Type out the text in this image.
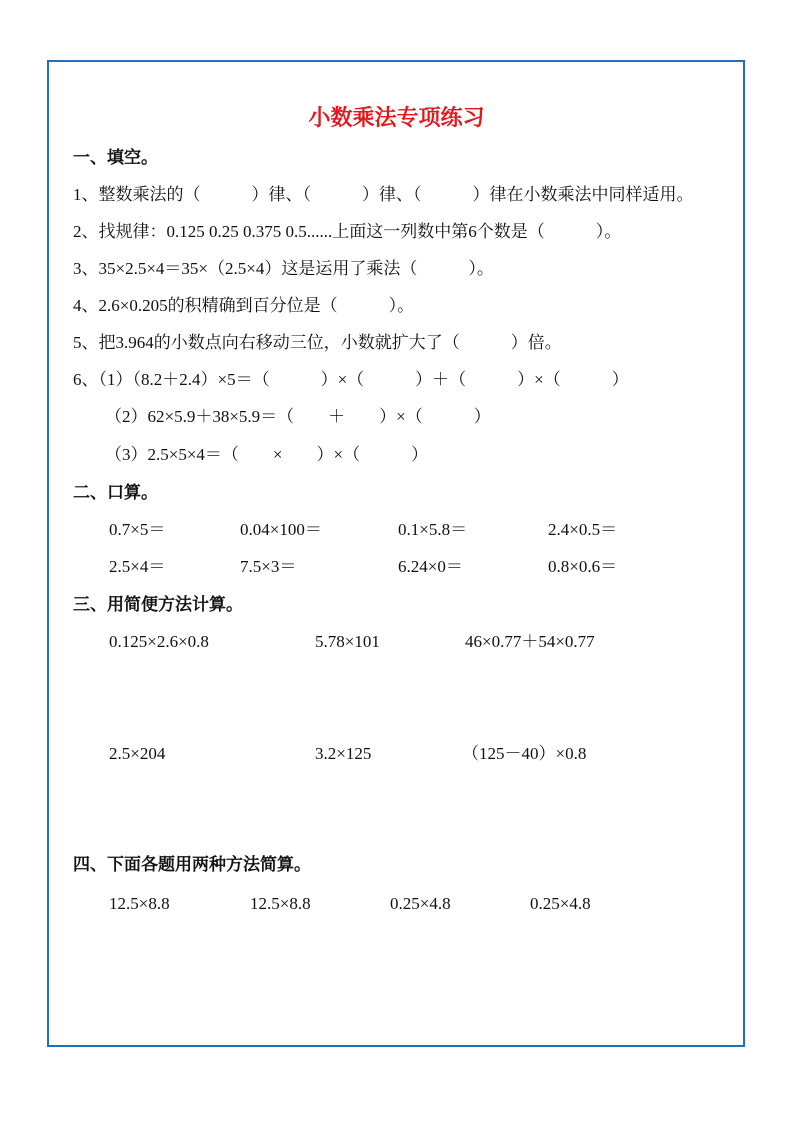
小数乘法专项练习
一、填空。
1、整数乘法的（　　　）律、（　　　）律、（　　　）律在小数乘法中同样适用。
2、找规律：0.125 0.25 0.375 0.5......上面这一列数中第6个数是（　　　）。
3、35×2.5×4＝35×（2.5×4）这是运用了乘法（　　　）。
4、2.6×0.205的积精确到百分位是（　　　）。
5、把3.964的小数点向右移动三位，小数就扩大了（　　　）倍。
6、（1）（8.2＋2.4）×5＝（　　　）×（　　　）＋（　　　）×（　　　）
（2）62×5.9＋38×5.9＝（　　＋　　）×（　　　）
（3）2.5×5×4＝（　　×　　）×（　　　）
二、口算。
0.7×5＝	0.04×100＝	0.1×5.8＝	2.4×0.5＝
2.5×4＝	7.5×3＝	6.24×0＝	0.8×0.6＝
三、用简便方法计算。
0.125×2.6×0.8	5.78×101	46×0.77＋54×0.77
2.5×204	3.2×125	（125－40）×0.8
四、下面各题用两种方法简算。
12.5×8.8	12.5×8.8	0.25×4.8	0.25×4.8
